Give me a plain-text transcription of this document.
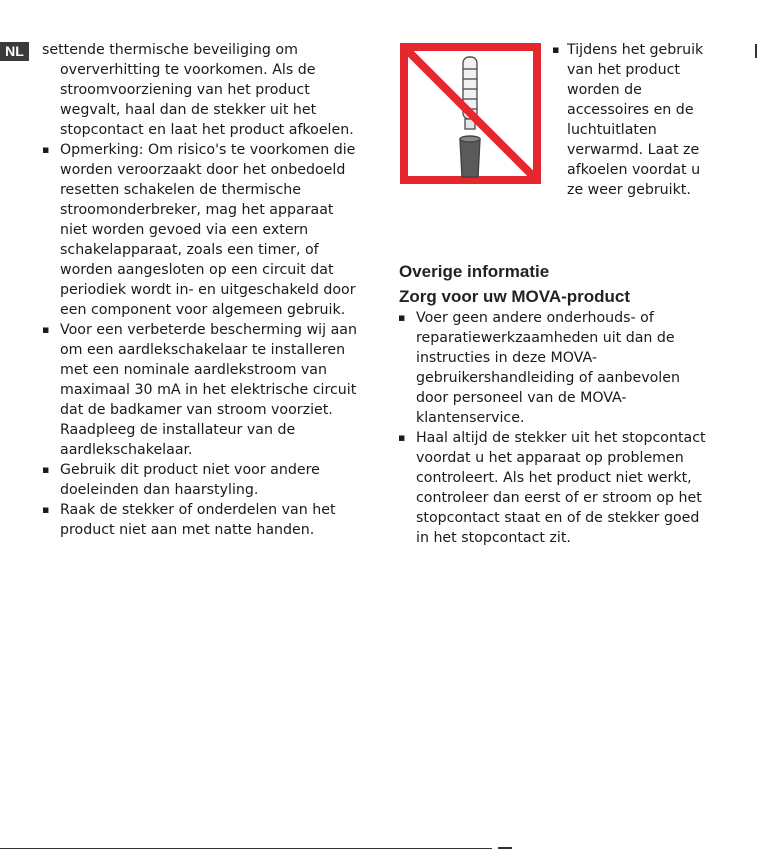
NL	settende thermische beveiliging om oververhitting te voorkomen. Als de stroomvoorziening van het product wegvalt, haal dan de stekker uit het stopcontact en laat het product afkoelen.

▪ Opmerking: Om risico's te voorkomen die worden veroorzaakt door het onbedoeld resetten schakelen de thermische stroomonderbreker, mag het apparaat niet worden gevoed via een extern schakelapparaat, zoals een timer, of worden aangesloten op een circuit dat periodiek wordt in- en uitgeschakeld door een component voor algemeen gebruik.
▪ Voor een verbeterde bescherming wij aan om een aardlekschakelaar te installeren met een nominale aardlekstroom van maximaal 30 mA in het elektrische circuit dat de badkamer van stroom voorziet. Raadpleeg de installateur van de aardlekschakelaar.
▪ Gebruik dit product niet voor andere doeleinden dan haarstyling.
▪ Raak de stekker of onderdelen van het product niet aan met natte handen.
▪ Tijdens het gebruik van het product worden de accessoires en de luchtuitlaten verwarmd. Laat ze afkoelen voordat u ze weer gebruikt.
Overige informatie
Zorg voor uw MOVA-product
▪ Voer geen andere onderhouds- of reparatiewerkzaamheden uit dan de instructies in deze MOVA-gebruikershandleiding of aanbevolen door personeel van de MOVA-klantenservice.
▪ Haal altijd de stekker uit het stopcontact voordat u het apparaat op problemen controleert. Als het product niet werkt, controleer dan eerst of er stroom op het stopcontact staat en of de stekker goed in het stopcontact zit.
